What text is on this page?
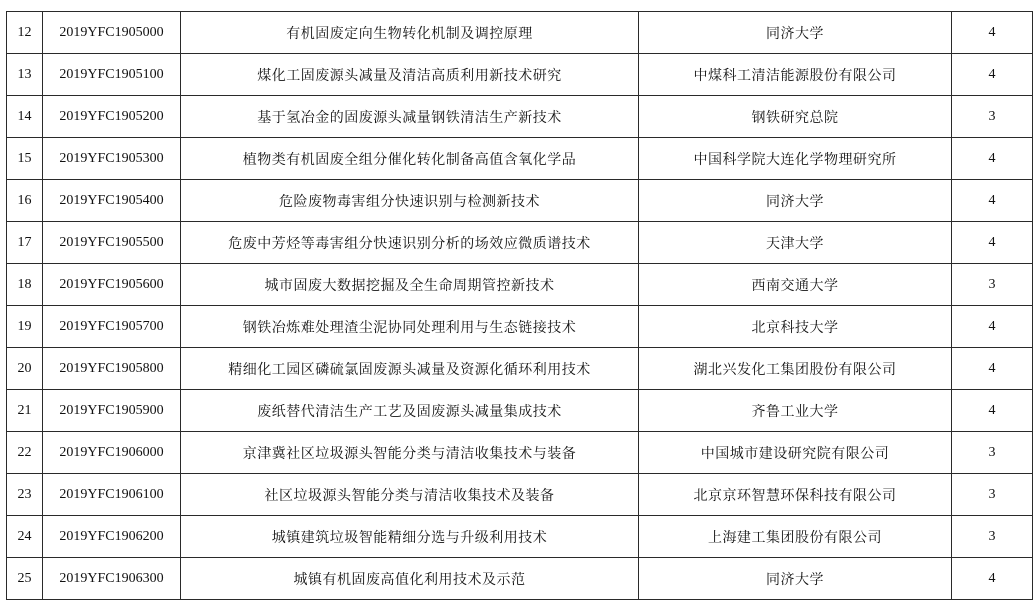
12	2019YFC1905000	有机固废定向生物转化机制及调控原理	同济大学	4
13	2019YFC1905100	煤化工固废源头减量及清洁高质利用新技术研究	中煤科工清洁能源股份有限公司	4
14	2019YFC1905200	基于氢冶金的固废源头减量钢铁清洁生产新技术	钢铁研究总院	3
15	2019YFC1905300	植物类有机固废全组分催化转化制备高值含氧化学品	中国科学院大连化学物理研究所	4
16	2019YFC1905400	危险废物毒害组分快速识别与检测新技术	同济大学	4
17	2019YFC1905500	危废中芳烃等毒害组分快速识别分析的场效应微质谱技术	天津大学	4
18	2019YFC1905600	城市固废大数据挖掘及全生命周期管控新技术	西南交通大学	3
19	2019YFC1905700	钢铁冶炼难处理渣尘泥协同处理利用与生态链接技术	北京科技大学	4
20	2019YFC1905800	精细化工园区磷硫氯固废源头减量及资源化循环利用技术	湖北兴发化工集团股份有限公司	4
21	2019YFC1905900	废纸替代清洁生产工艺及固废源头减量集成技术	齐鲁工业大学	4
22	2019YFC1906000	京津冀社区垃圾源头智能分类与清洁收集技术与装备	中国城市建设研究院有限公司	3
23	2019YFC1906100	社区垃圾源头智能分类与清洁收集技术及装备	北京京环智慧环保科技有限公司	3
24	2019YFC1906200	城镇建筑垃圾智能精细分选与升级利用技术	上海建工集团股份有限公司	3
25	2019YFC1906300	城镇有机固废高值化利用技术及示范	同济大学	4
